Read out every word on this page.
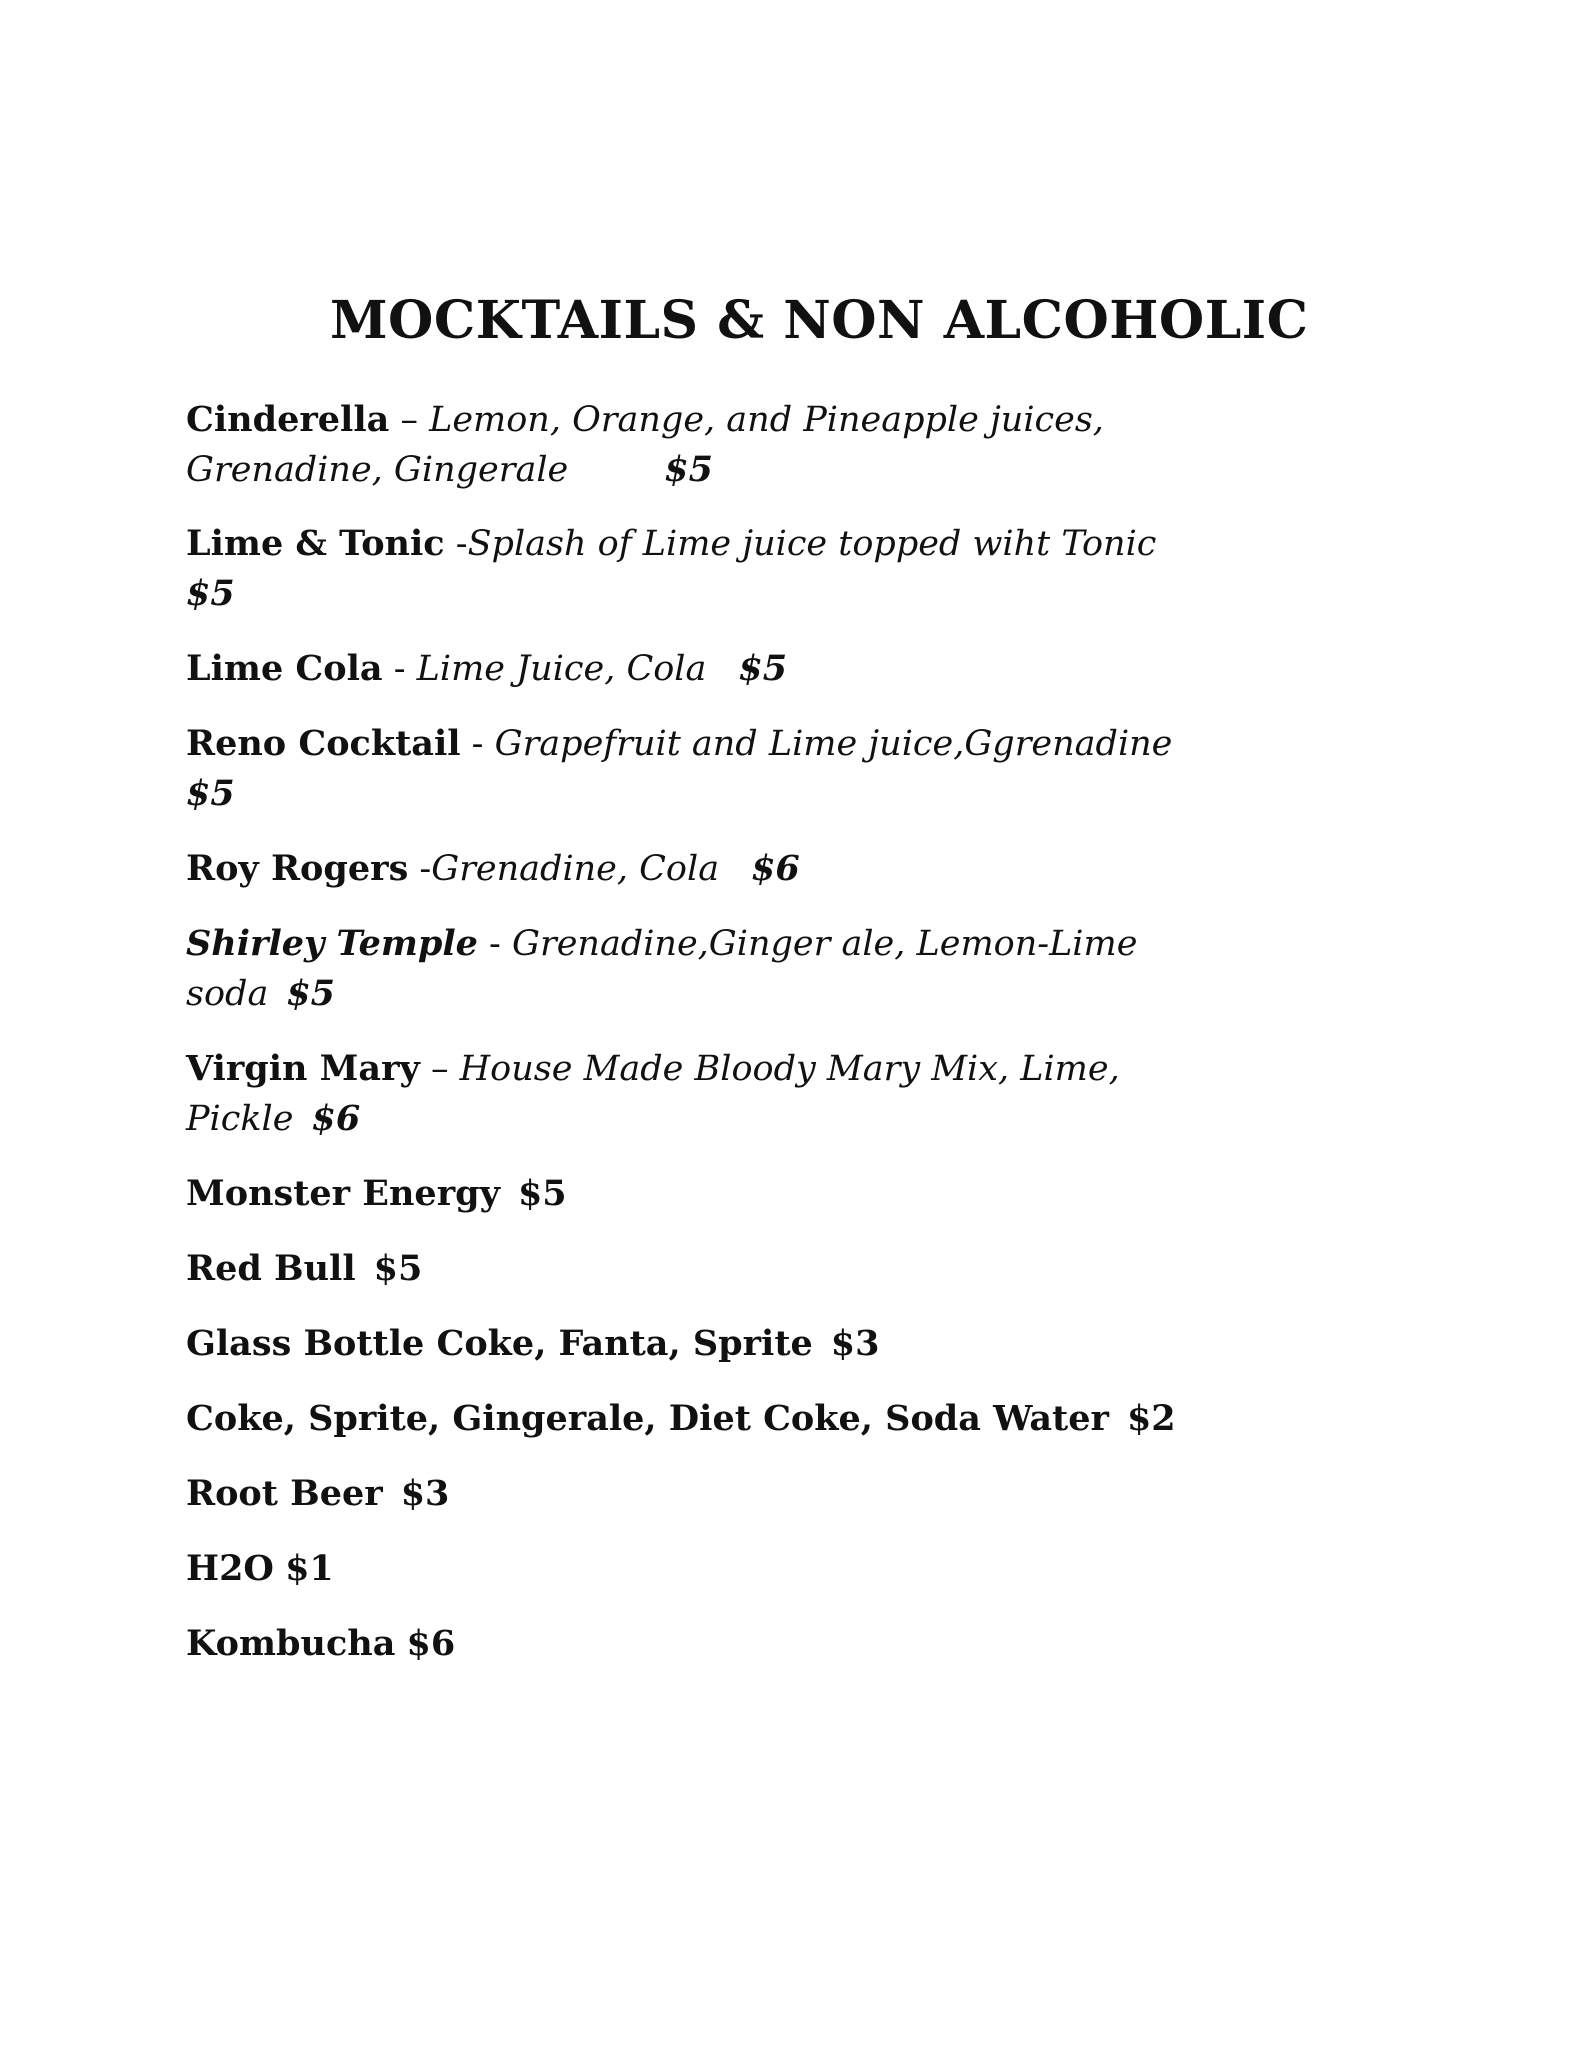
MOCKTAILS & NON ALCOHOLIC

Cinderella – Lemon, Orange, and Pineapple juices,
Grenadine, Gingerale	$5

Lime & Tonic -Splash of Lime juice topped wiht Tonic
$5

Lime Cola - Lime Juice, Cola $5

Reno Cocktail - Grapefruit and Lime juice,Ggrenadine
$5

Roy Rogers -Grenadine, Cola $6

Shirley Temple - Grenadine,Ginger ale, Lemon-Lime
soda $5

Virgin Mary – House Made Bloody Mary Mix, Lime,
Pickle $6

Monster Energy $5

Red Bull $5

Glass Bottle Coke, Fanta, Sprite $3

Coke, Sprite, Gingerale, Diet Coke, Soda Water $2

Root Beer $3

H2O $1

Kombucha $6
